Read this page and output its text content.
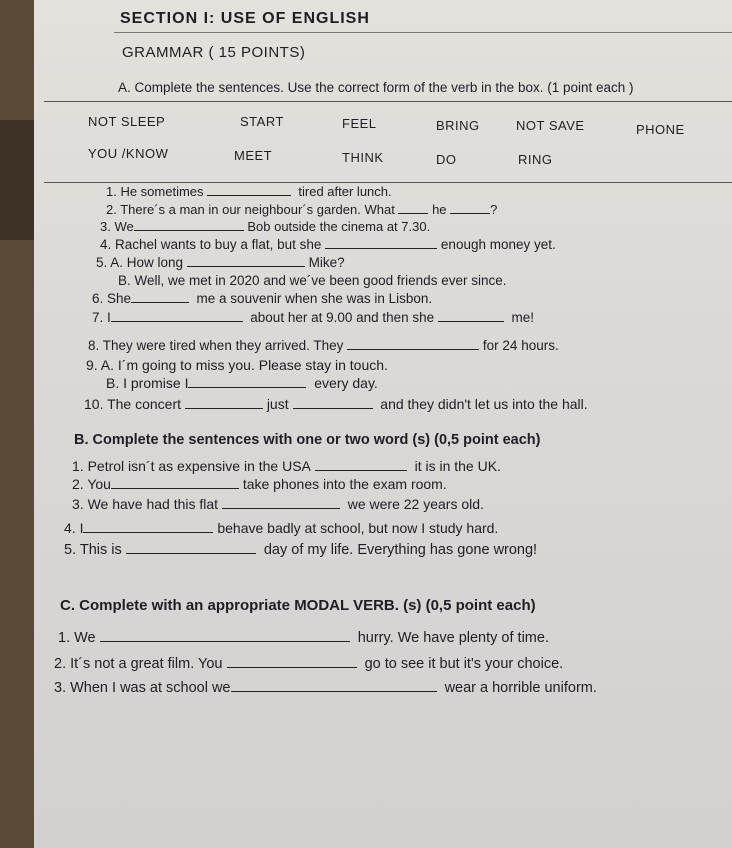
SECTION I: USE OF ENGLISH
GRAMMAR ( 15 POINTS)
A. Complete the sentences. Use the correct form of the verb in the box. (1 point each )
NOT SLEEP	START	FEEL	BRING	NOT SAVE	PHONE
YOU /KNOW	MEET	THINK	DO	RING
1. He sometimes	tired after lunch.
2. There´s a man in our neighbour´s garden. What	he	?
3. We	Bob outside the cinema at 7.30.
4. Rachel wants to buy a flat, but she	enough money yet.
5. A. How long	Mike?
B. Well, we met in 2020 and we´ve been good friends ever since.
6. She	me a souvenir when she was in Lisbon.
7. I	about her at 9.00 and then she	me!
8. They were tired when they arrived. They	for 24 hours.
9. A. I´m going to miss you. Please stay in touch.
B. I promise I	every day.
10. The concert	just	and they didn't let us into the hall.
B. Complete the sentences with one or two word (s) (0,5 point each)
1. Petrol isn´t as expensive in the USA	it is in the UK.
2. You	take phones into the exam room.
3. We have had this flat	we were 22 years old.
4. I	behave badly at school, but now I study hard.
5. This is	day of my life. Everything has gone wrong!
C. Complete with an appropriate MODAL VERB. (s) (0,5 point each)
1. We	hurry. We have plenty of time.
2. It´s not a great film. You	go to see it but it's your choice.
3. When I was at school we	wear a horrible uniform.
